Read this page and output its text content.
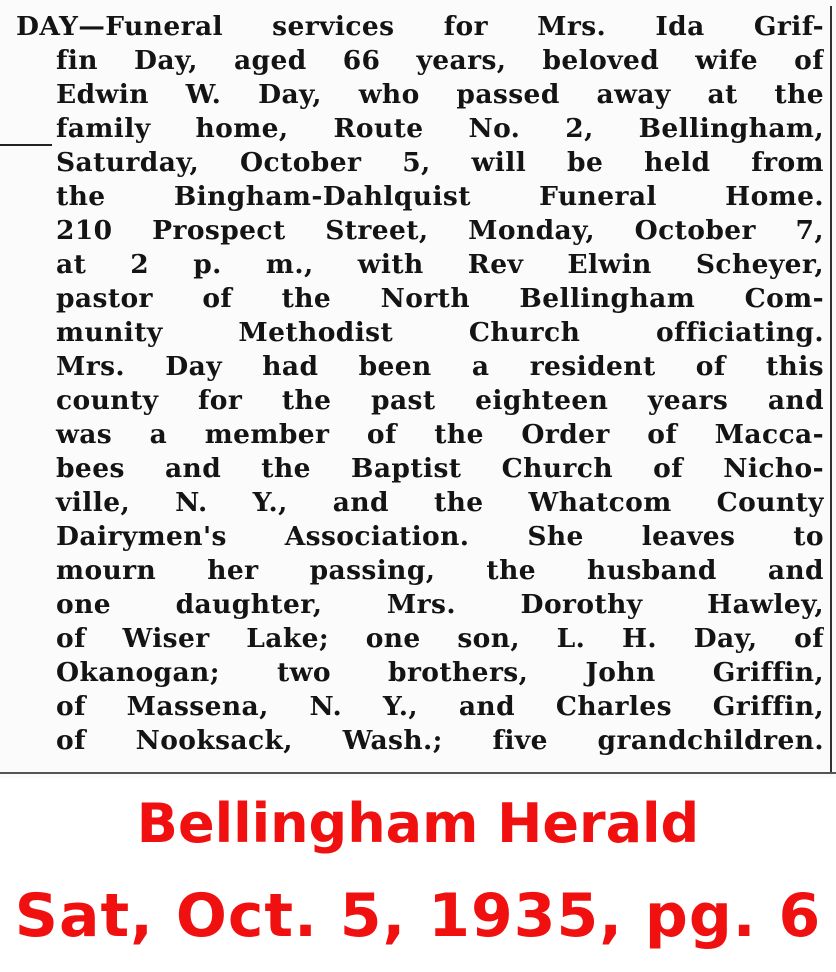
DAY—Funeral services for Mrs. Ida Grif-
fin Day, aged 66 years, beloved wife of
Edwin W. Day, who passed away at the
family home, Route No. 2, Bellingham,
Saturday, October 5, will be held from
the Bingham-Dahlquist Funeral Home.
210 Prospect Street, Monday, October 7,
at 2 p. m., with Rev Elwin Scheyer,
pastor of the North Bellingham Com-
munity Methodist Church officiating.
Mrs. Day had been a resident of this
county for the past eighteen years and
was a member of the Order of Macca-
bees and the Baptist Church of Nicho-
ville, N. Y., and the Whatcom County
Dairymen's Association. She leaves to
mourn her passing, the husband and
one daughter, Mrs. Dorothy Hawley,
of Wiser Lake; one son, L. H. Day, of
Okanogan; two brothers, John Griffin,
of Massena, N. Y., and Charles Griffin,
of Nooksack, Wash.; five grandchildren.
Bellingham Herald
Sat, Oct. 5, 1935, pg. 6
